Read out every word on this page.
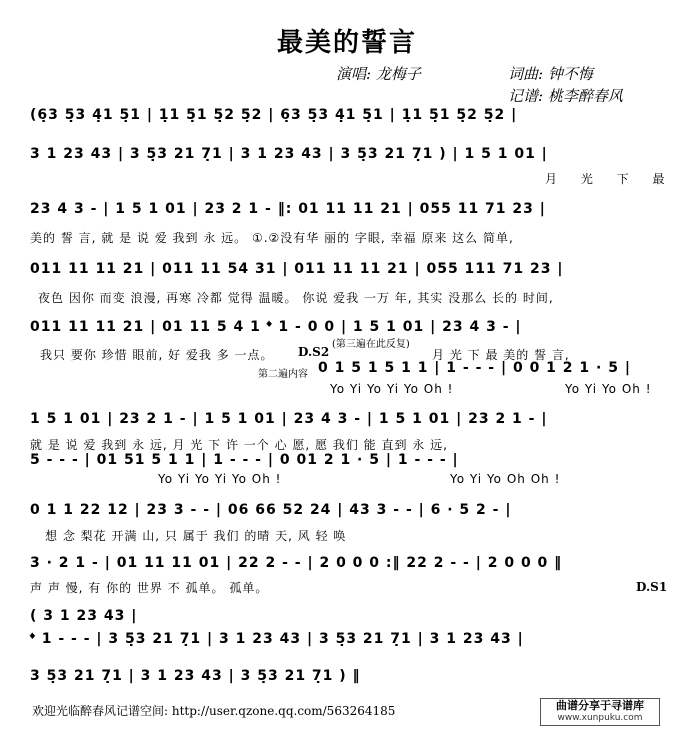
最美的誓言
演唱: 龙梅子	词曲: 钟不悔
记谱: 桃李醉春风
(6̣3 5̣3 4̣1 5̣1 | 1̣1 5̣1 5̣2 5̣2 | 6̣3 5̣3 4̣1 5̣1 | 1̣1 5̣1 5̣2 5̣2 |
3 1 23 43 | 3 5̣3 21 7̣1 | 3 1 23 43 | 3 5̣3 21 7̣1 ) | 1 5 1 01 |
月 光 下 最
23 4 3 - | 1 5 1 01 | 23 2 1 - ‖: 01 11 11 21 | 055 11 71 23 |
美的 誓 言, 就 是 说 爱 我到 永 远。 ①.②没有华 丽的 字眼, 幸福 原来 这么 简单,
011 11 11 21 | 011 11 54 31 | 011 11 11 21 | 055 111 71 23 |
夜色 因你 而变 浪漫, 再寒 冷都 觉得 温暖。 你说 爱我 一万 年, 其实 没那么 长的 时间,
011 11 11 21 | 01 11 5 4 1 𝄌 1 - 0 0 | 1 5 1 01 | 23 4 3 - |
我只 要你 珍惜 眼前, 好 爱我 多 一点。 D.S2
(第三遍在此反复)
月 光 下 最 美的 誓 言,
第二遍内容 0 1 5 1 5 1 1 | 1 - - - | 0 0 1 2 1 · 5 |
Yo Yi Yo Yi Yo Oh !	Yo Yi Yo Oh !
1 5 1 01 | 23 2 1 - | 1 5 1 01 | 23 4 3 - | 1 5 1 01 | 23 2 1 - |
就 是 说 爱 我到 永 远, 月 光 下 许 一个 心 愿, 愿 我们 能 直到 永 远,
5 - - - | 01 51 5 1 1 | 1 - - - | 0 01 2 1 · 5 | 1 - - - |
Yo Yi Yo Yi Yo Oh !	Yo Yi Yo Oh Oh !
0 1 1 22 12 | 23 3 - - | 06 66 52 24 | 43 3 - - | 6 · 5 2 - |
想 念 梨花 开满 山, 只 属于 我们 的晴 天, 风 轻 唤
3 · 2 1 - | 01 11 11 01 | 22 2 - - | 2 0 0 0 :‖ 22 2 - - | 2 0 0 0 ‖
声 声 慢, 有 你的 世界 不 孤单。 孤单。	D.S1
( 3 1 23 43 |
𝄌 1 - - - | 3 5̣3 21 7̣1 | 3 1 23 43 | 3 5̣3 21 7̣1 | 3 1 23 43 |
3 5̣3 21 7̣1 | 3 1 23 43 | 3 5̣3 21 7̣1 ) ‖
欢迎光临醉春风记谱空间: http://user.qzone.qq.com/563264185	曲谱分享于寻谱库
www.xunpuku.com
